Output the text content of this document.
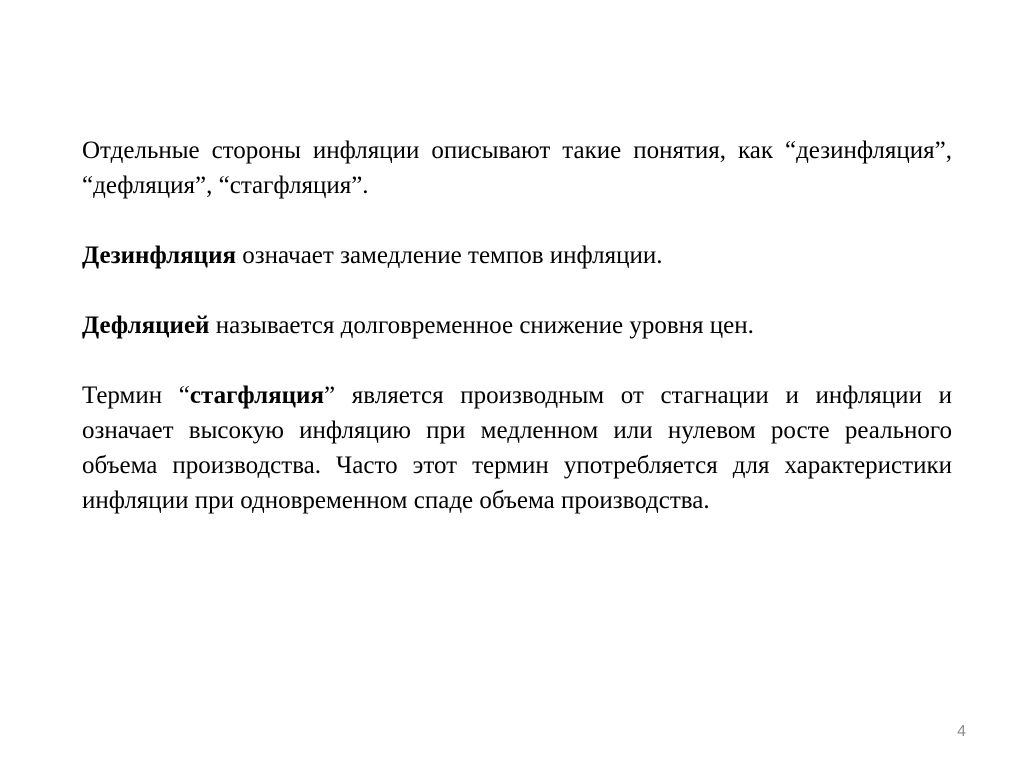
Отдельные стороны инфляции описывают такие понятия, как “дезинфляция”, “дефляция”, “стагфляция”.

Дезинфляция означает замедление темпов инфляции.

Дефляцией называется долговременное снижение уровня цен.

Термин “стагфляция” является производным от стагнации и инфляции и означает высокую инфляцию при медленном или нулевом росте реального объема производства. Часто этот термин употребляется для характеристики инфляции при одновременном спаде объема производства.

4
